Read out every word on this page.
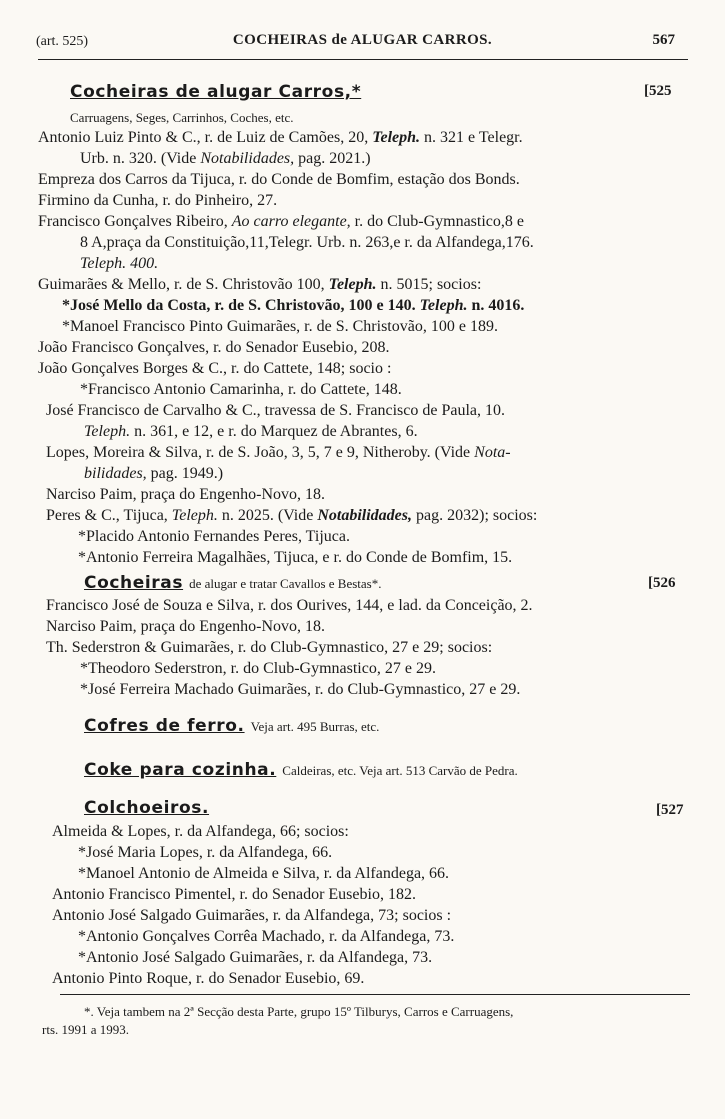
(art. 525)	COCHEIRAS de ALUGAR CARROS.	567
Cocheiras de alugar Carros,*	[525
Carruagens, Seges, Carrinhos, Coches, etc.
Antonio Luiz Pinto & C., r. de Luiz de Camões, 20, Teleph. n. 321 e Telegr.
Urb. n. 320. (Vide Notabilidades, pag. 2021.)
Empreza dos Carros da Tijuca, r. do Conde de Bomfim, estação dos Bonds.
Firmino da Cunha, r. do Pinheiro, 27.
Francisco Gonçalves Ribeiro, Ao carro elegante, r. do Club-Gymnastico,8 e
8 A,praça da Constituição,11,Telegr. Urb. n. 263,e r. da Alfandega,176.
Teleph. 400.
Guimarães & Mello, r. de S. Christovão 100, Teleph. n. 5015; socios:
*José Mello da Costa, r. de S. Christovão, 100 e 140. Teleph. n. 4016.
*Manoel Francisco Pinto Guimarães, r. de S. Christovão, 100 e 189.
João Francisco Gonçalves, r. do Senador Eusebio, 208.
João Gonçalves Borges & C., r. do Cattete, 148; socio :
*Francisco Antonio Camarinha, r. do Cattete, 148.
José Francisco de Carvalho & C., travessa de S. Francisco de Paula, 10.
Teleph. n. 361, e 12, e r. do Marquez de Abrantes, 6.
Lopes, Moreira & Silva, r. de S. João, 3, 5, 7 e 9, Nitheroby. (Vide Nota-
bilidades, pag. 1949.)
Narciso Paim, praça do Engenho-Novo, 18.
Peres & C., Tijuca, Teleph. n. 2025. (Vide Notabilidades, pag. 2032); socios:
*Placido Antonio Fernandes Peres, Tijuca.
*Antonio Ferreira Magalhães, Tijuca, e r. do Conde de Bomfim, 15.
Cocheiras de alugar e tratar Cavallos e Bestas*.	[526
Francisco José de Souza e Silva, r. dos Ourives, 144, e lad. da Conceição, 2.
Narciso Paim, praça do Engenho-Novo, 18.
Th. Sederstron & Guimarães, r. do Club-Gymnastico, 27 e 29; socios:
*Theodoro Sederstron, r. do Club-Gymnastico, 27 e 29.
*José Ferreira Machado Guimarães, r. do Club-Gymnastico, 27 e 29.
Cofres de ferro. Veja art. 495 Burras, etc.
Coke para cozinha. Caldeiras, etc. Veja art. 513 Carvão de Pedra.
Colchoeiros.	[527
Almeida & Lopes, r. da Alfandega, 66; socios:
*José Maria Lopes, r. da Alfandega, 66.
*Manoel Antonio de Almeida e Silva, r. da Alfandega, 66.
Antonio Francisco Pimentel, r. do Senador Eusebio, 182.
Antonio José Salgado Guimarães, r. da Alfandega, 73; socios :
*Antonio Gonçalves Corrêa Machado, r. da Alfandega, 73.
*Antonio José Salgado Guimarães, r. da Alfandega, 73.
Antonio Pinto Roque, r. do Senador Eusebio, 69.
*. Veja tambem na 2ª Secção desta Parte, grupo 15º Tilburys, Carros e Carruagens,
rts. 1991 a 1993.
